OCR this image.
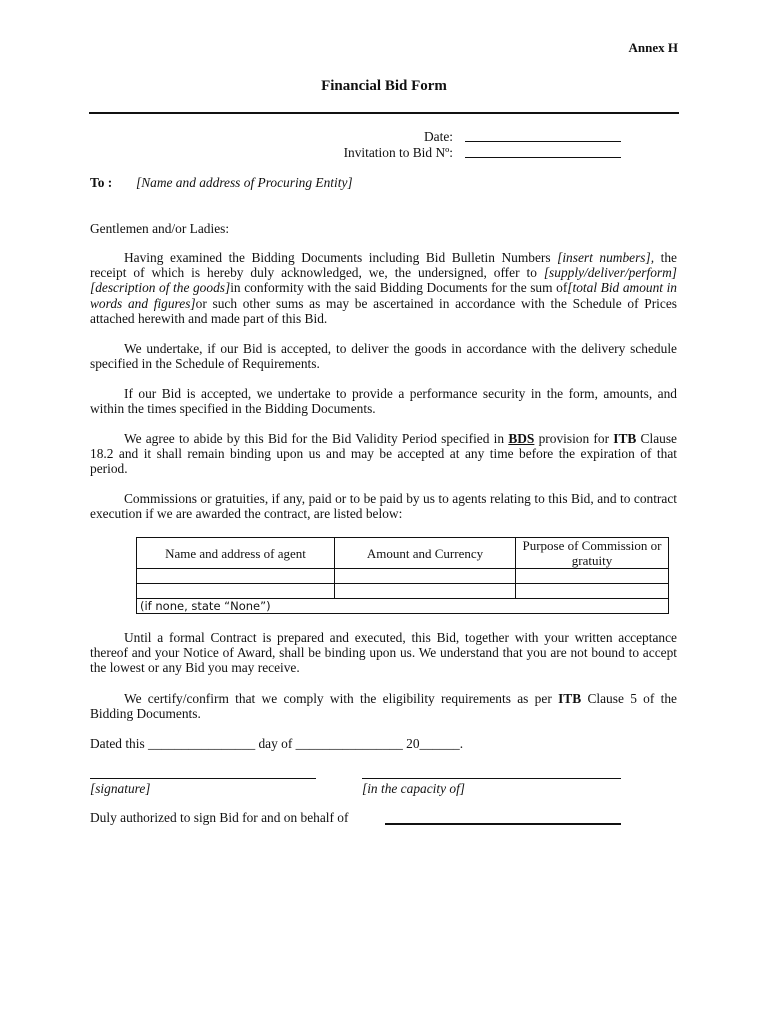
Annex H
Financial Bid Form
Date:
Invitation to Bid Nº:
To : [Name and address of Procuring Entity]
Gentlemen and/or Ladies:
Having examined the Bidding Documents including Bid Bulletin Numbers [insert numbers], the receipt of which is hereby duly acknowledged, we, the undersigned, offer to [supply/deliver/perform][description of the goods]in conformity with the said Bidding Documents for the sum of[total Bid amount in words and figures]or such other sums as may be ascertained in accordance with the Schedule of Prices attached herewith and made part of this Bid.
We undertake, if our Bid is accepted, to deliver the goods in accordance with the delivery schedule specified in the Schedule of Requirements.
If our Bid is accepted, we undertake to provide a performance security in the form, amounts, and within the times specified in the Bidding Documents.
We agree to abide by this Bid for the Bid Validity Period specified in BDS provision for ITB Clause 18.2 and it shall remain binding upon us and may be accepted at any time before the expiration of that period.
Commissions or gratuities, if any, paid or to be paid by us to agents relating to this Bid, and to contract execution if we are awarded the contract, are listed below:
Name and address of agent	Amount and Currency	Purpose of Commission or gratuity

(if none, state “None”)		
Until a formal Contract is prepared and executed, this Bid, together with your written acceptance thereof and your Notice of Award, shall be binding upon us. We understand that you are not bound to accept the lowest or any Bid you may receive.
We certify/confirm that we comply with the eligibility requirements as per ITB Clause 5 of the Bidding Documents.
Dated this ________________ day of ________________ 20______.
[signature]	[in the capacity of]
Duly authorized to sign Bid for and on behalf of
